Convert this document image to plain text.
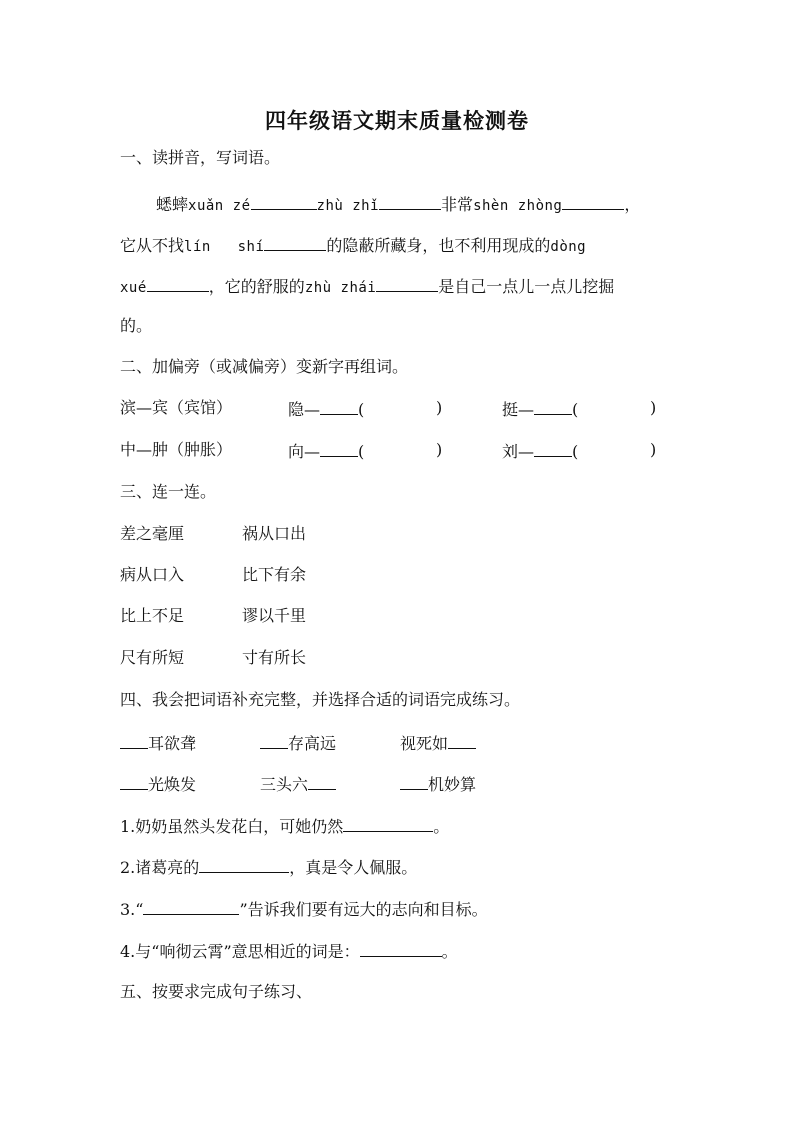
四年级语文期末质量检测卷
一、读拼音，写词语。
蟋蟀xuǎn zé	zhù zhǐ	非常shèn zhòng	，
它从不找lín   shí	的隐蔽所藏身，也不利用现成的dòng
xué	，它的舒服的zhù zhái	是自己一点儿一点儿挖掘
的。
二、加偏旁（或减偏旁）变新字再组词。
滨—宾（宾馆）	隐— (	)	挺— (	)
中—肿（肿胀）	向— (	)	刘— (	)
三、连一连。
差之毫厘	祸从口出
病从口入	比下有余
比上不足	谬以千里
尺有所短	寸有所长
四、我会把词语补充完整，并选择合适的词语完成练习。
耳欲聋	存高远	视死如
光焕发	三头六	机妙算
1.奶奶虽然头发花白，可她仍然	。
2.诸葛亮的	，真是令人佩服。
3.“	”告诉我们要有远大的志向和目标。
4.与“响彻云霄”意思相近的词是：	。
五、按要求完成句子练习、
